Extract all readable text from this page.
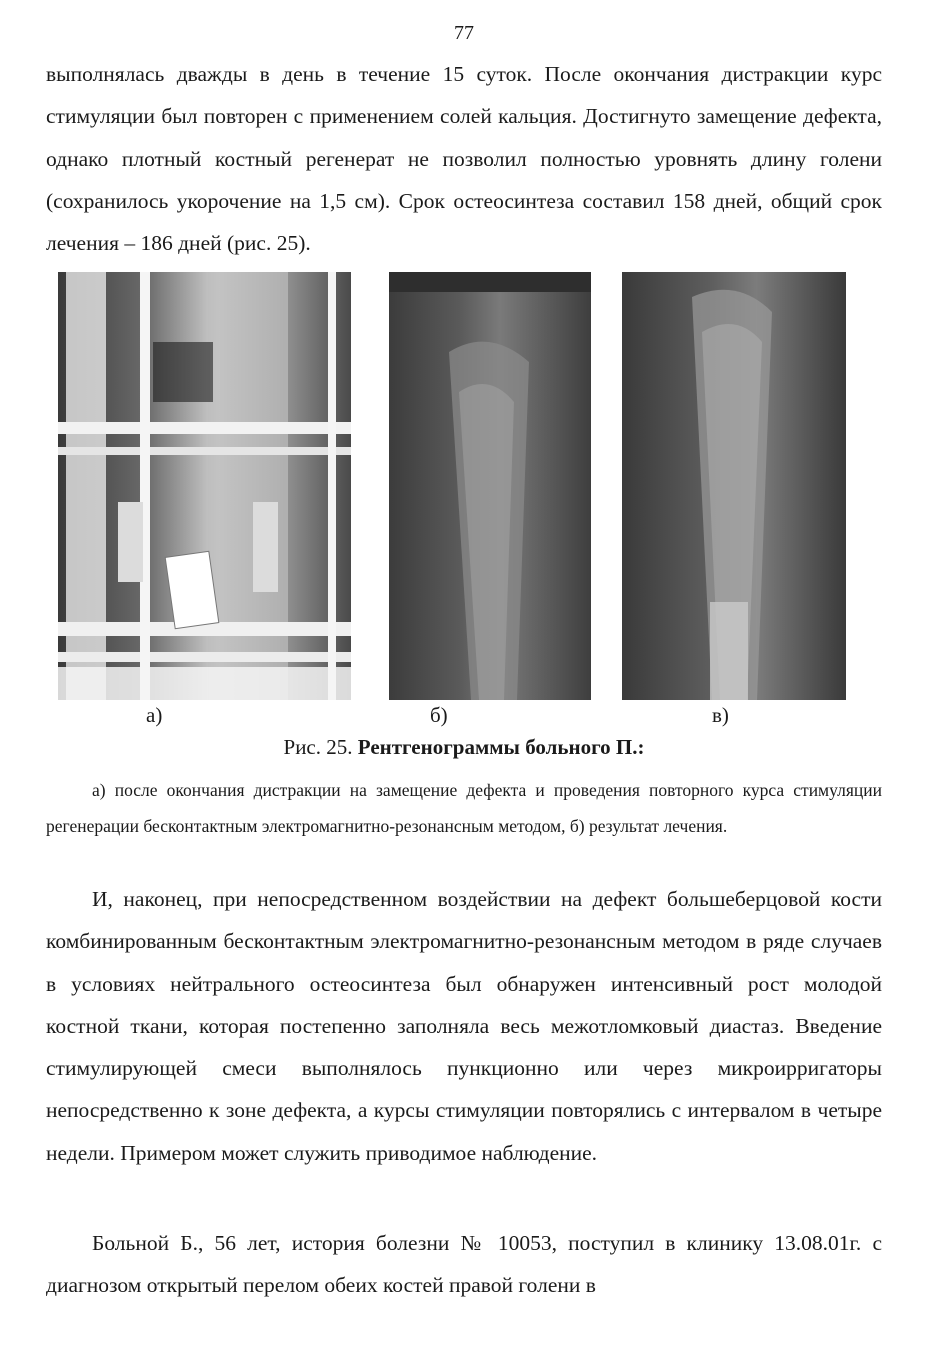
77

выполнялась дважды в день в течение 15 суток. После окончания дистракции курс стимуляции был повторен с применением солей кальция. Достигнуто замещение дефекта, однако плотный костный регенерат не позволил полностью уровнять длину голени (сохранилось укорочение на 1,5 см). Срок остеосинтеза составил 158 дней, общий срок лечения – 186 дней (рис. 25).

а)	б)	в)
Рис. 25. Рентгенограммы больного П.:

а) после окончания дистракции на замещение дефекта и проведения повторного курса стимуляции регенерации бесконтактным электромагнитно-резонансным методом, б) результат лечения.

И, наконец, при непосредственном воздействии на дефект большеберцовой кости комбинированным бесконтактным электромагнитно-резонансным методом в ряде случаев в условиях нейтрального остеосинтеза был обнаружен интенсивный рост молодой костной ткани, которая постепенно заполняла весь межотломковый диастаз. Введение стимулирующей смеси выполнялось пункционно или через микроирригаторы непосредственно к зоне дефекта, а курсы стимуляции повторялись с интервалом в четыре недели. Примером может служить приводимое наблюдение.

Больной Б., 56 лет, история болезни № 10053, поступил в клинику 13.08.01г. с диагнозом открытый перелом обеих костей правой голени в
